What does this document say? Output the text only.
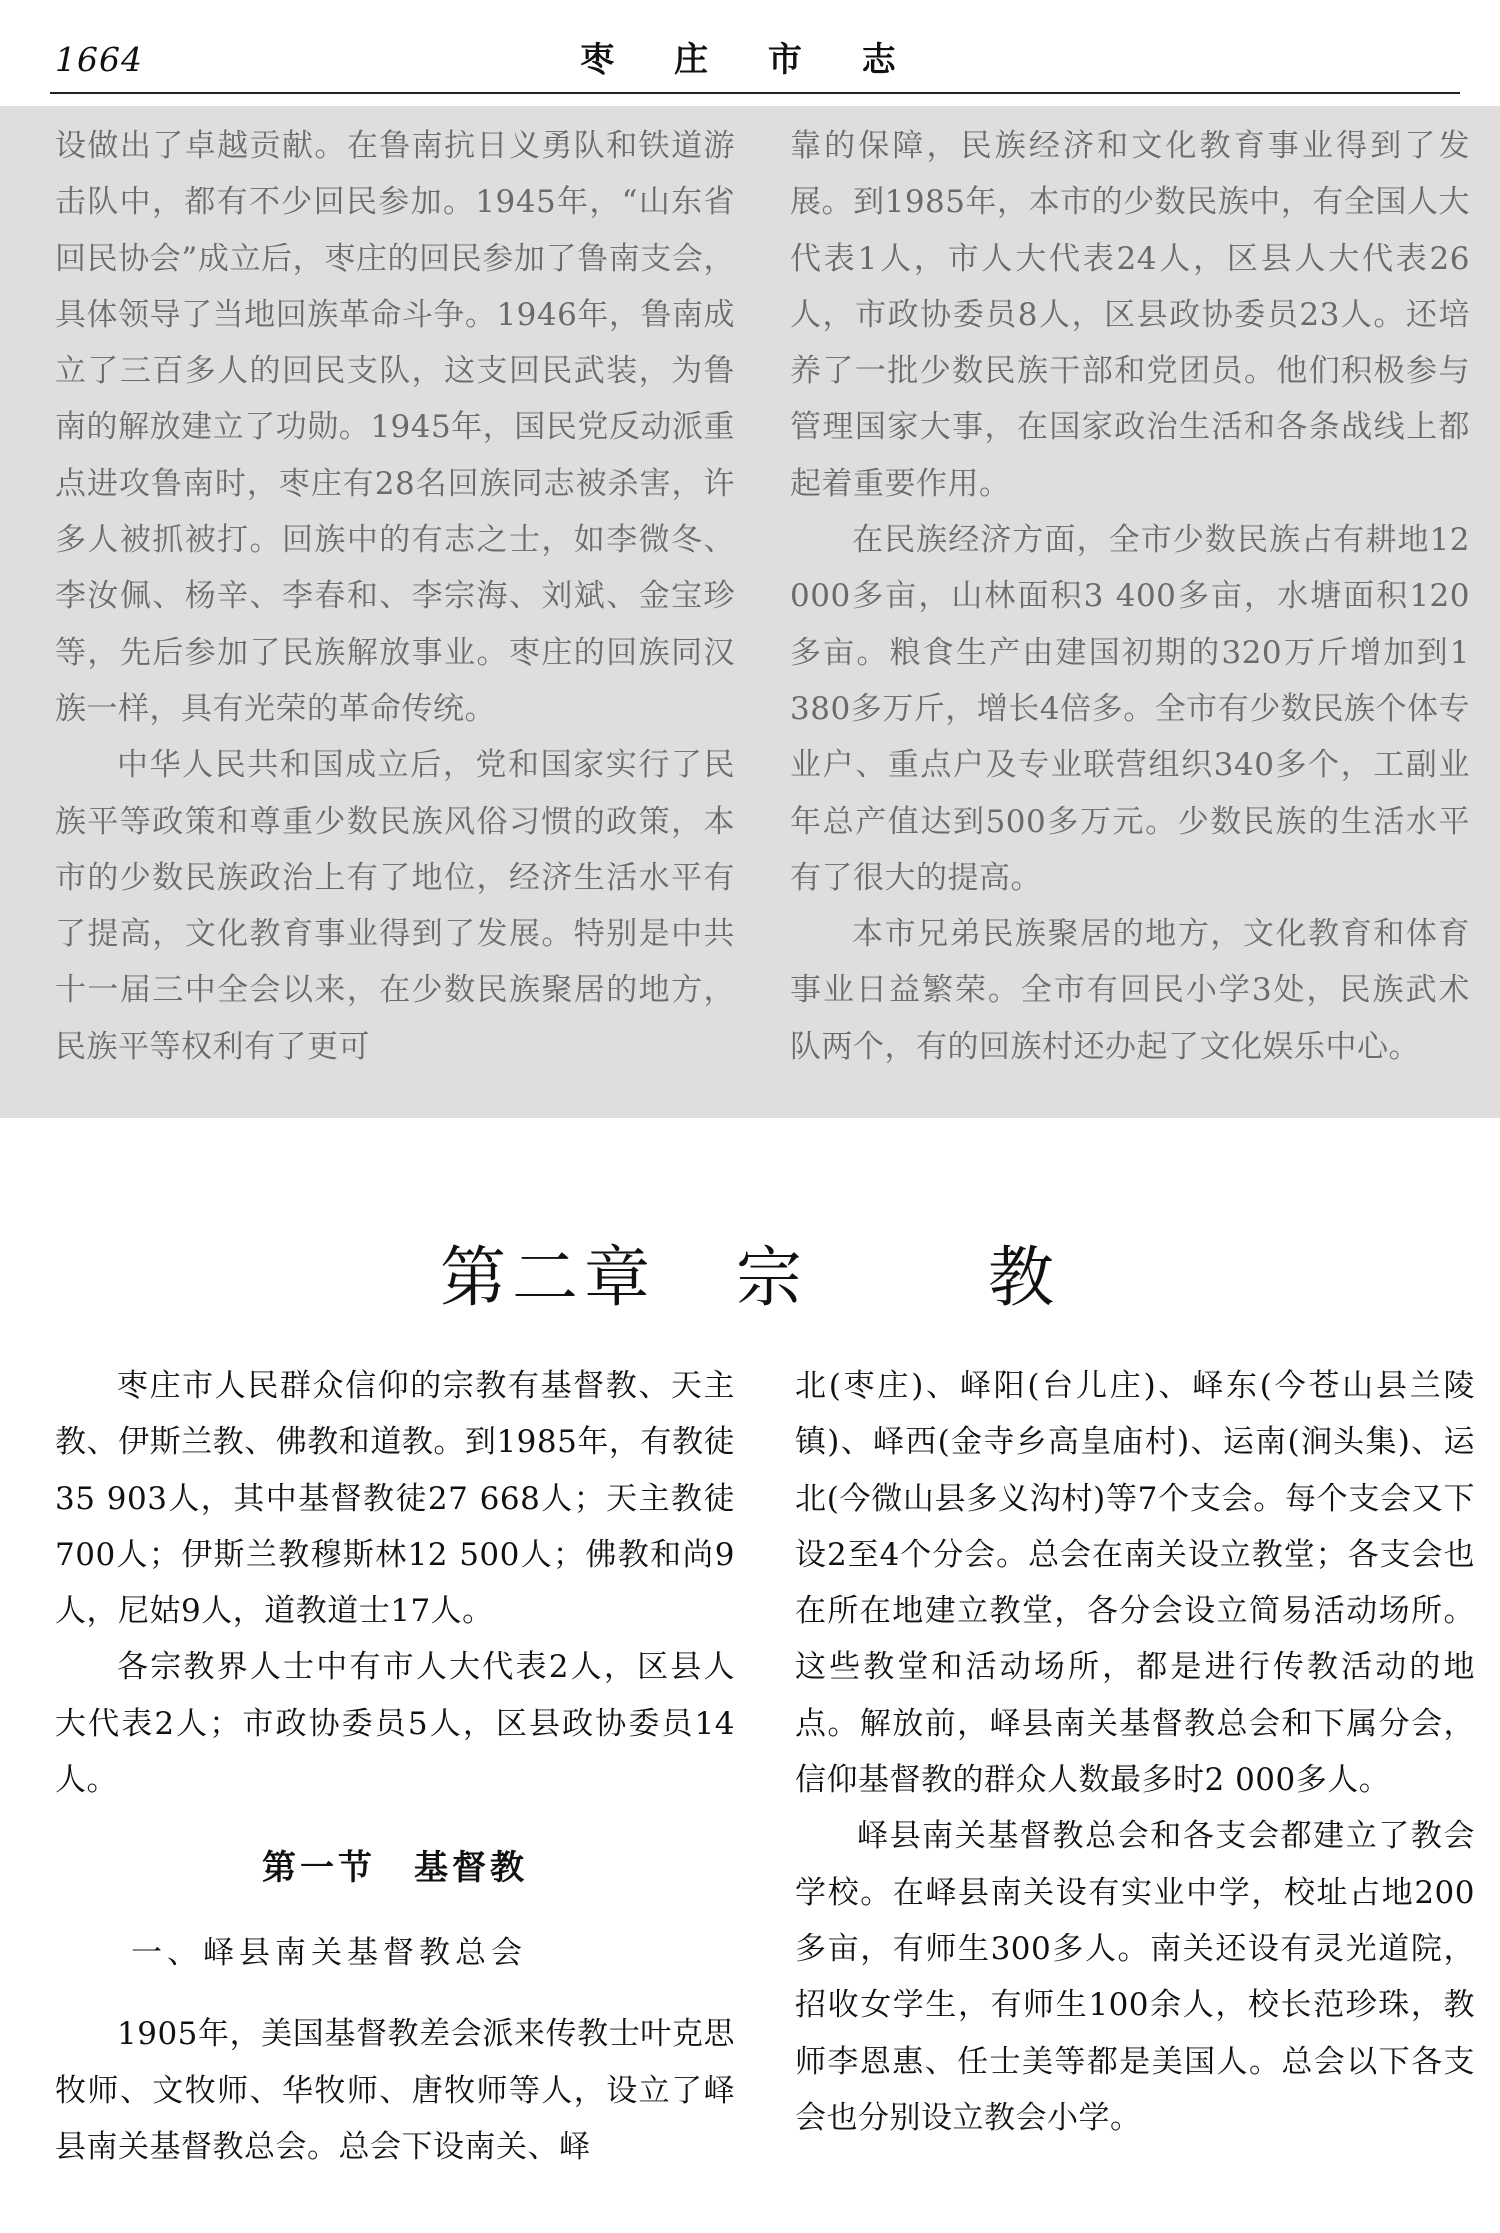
1664	枣 庄 市 志

设做出了卓越贡献。在鲁南抗日义勇队和铁道游击队中，都有不少回民参加。1945年，“山东省回民协会”成立后，枣庄的回民参加了鲁南支会，具体领导了当地回族革命斗争。1946年，鲁南成立了三百多人的回民支队，这支回民武装，为鲁南的解放建立了功勋。1945年，国民党反动派重点进攻鲁南时，枣庄有28名回族同志被杀害，许多人被抓被打。回族中的有志之士，如李微冬、李汝佩、杨辛、李春和、李宗海、刘斌、金宝珍等，先后参加了民族解放事业。枣庄的回族同汉族一样，具有光荣的革命传统。

中华人民共和国成立后，党和国家实行了民族平等政策和尊重少数民族风俗习惯的政策，本市的少数民族政治上有了地位，经济生活水平有了提高，文化教育事业得到了发展。特别是中共十一届三中全会以来，在少数民族聚居的地方，民族平等权利有了更可

靠的保障，民族经济和文化教育事业得到了发展。到1985年，本市的少数民族中，有全国人大代表1人，市人大代表24人，区县人大代表26人，市政协委员8人，区县政协委员23人。还培养了一批少数民族干部和党团员。他们积极参与管理国家大事，在国家政治生活和各条战线上都起着重要作用。

在民族经济方面，全市少数民族占有耕地12 000多亩，山林面积3 400多亩，水塘面积120多亩。粮食生产由建国初期的320万斤增加到1 380多万斤，增长4倍多。全市有少数民族个体专业户、重点户及专业联营组织340多个，工副业年总产值达到500多万元。少数民族的生活水平有了很大的提高。

本市兄弟民族聚居的地方，文化教育和体育事业日益繁荣。全市有回民小学3处，民族武术队两个，有的回族村还办起了文化娱乐中心。

第二章 宗	教

枣庄市人民群众信仰的宗教有基督教、天主教、伊斯兰教、佛教和道教。到1985年，有教徒35 903人，其中基督教徒27 668人；天主教徒700人；伊斯兰教穆斯林12 500人；佛教和尚9人，尼姑9人，道教道士17人。

各宗教界人士中有市人大代表2人，区县人大代表2人；市政协委员5人，区县政协委员14人。

第一节　基督教

一、峄县南关基督教总会

1905年，美国基督教差会派来传教士叶克思牧师、文牧师、华牧师、唐牧师等人，设立了峄县南关基督教总会。总会下设南关、峄

北(枣庄)、峄阳(台儿庄)、峄东(今苍山县兰陵镇)、峄西(金寺乡高皇庙村)、运南(涧头集)、运北(今微山县多义沟村)等7个支会。每个支会又下设2至4个分会。总会在南关设立教堂；各支会也在所在地建立教堂，各分会设立简易活动场所。这些教堂和活动场所，都是进行传教活动的地点。解放前，峄县南关基督教总会和下属分会，信仰基督教的群众人数最多时2 000多人。

峄县南关基督教总会和各支会都建立了教会学校。在峄县南关设有实业中学，校址占地200多亩，有师生300多人。南关还设有灵光道院，招收女学生，有师生100余人，校长范珍珠，教师李恩惠、任士美等都是美国人。总会以下各支会也分别设立教会小学。
